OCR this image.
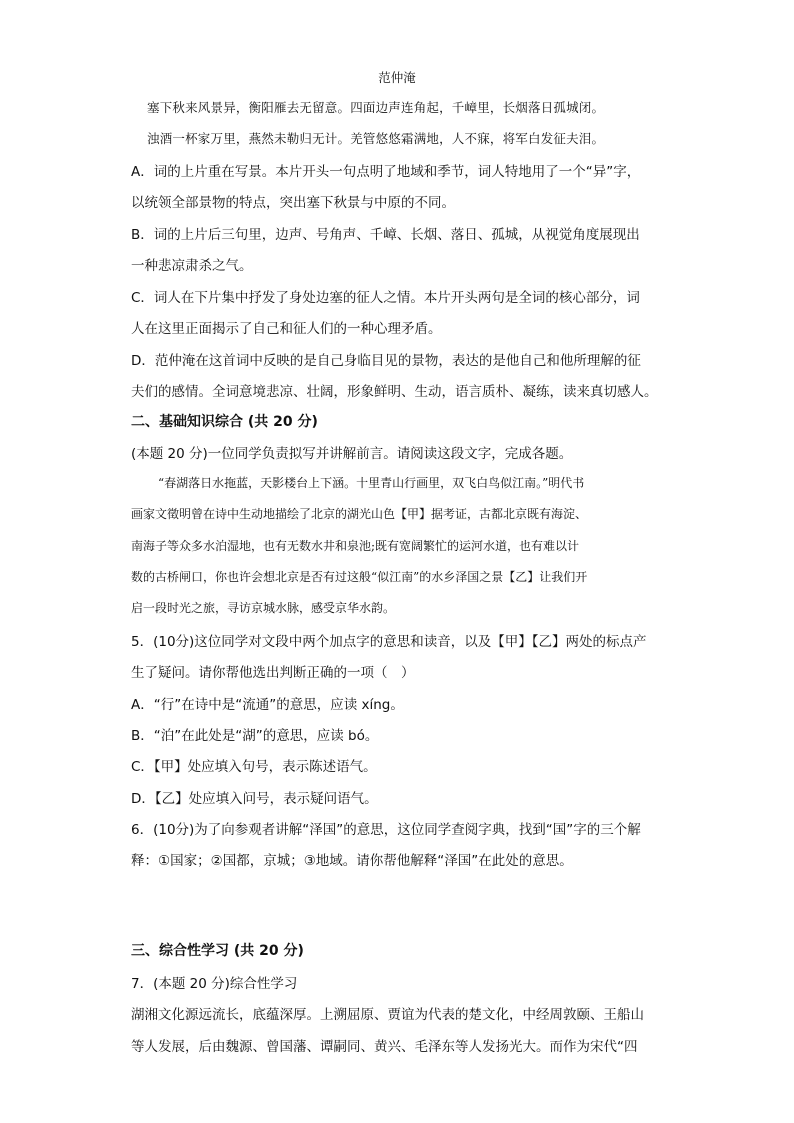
范仲淹
塞下秋来风景异，衡阳雁去无留意。四面边声连角起，千嶂里，长烟落日孤城闭。
浊酒一杯家万里，燕然未勒归无计。羌管悠悠霜满地，人不寐，将军白发征夫泪。
A．词的上片重在写景。本片开头一句点明了地域和季节，词人特地用了一个“异”字，
以统领全部景物的特点，突出塞下秋景与中原的不同。
B．词的上片后三句里，边声、号角声、千嶂、长烟、落日、孤城，从视觉角度展现出
一种悲凉肃杀之气。
C．词人在下片集中抒发了身处边塞的征人之情。本片开头两句是全词的核心部分，词
人在这里正面揭示了自己和征人们的一种心理矛盾。
D．范仲淹在这首词中反映的是自己身临目见的景物，表达的是他自己和他所理解的征
夫们的感情。全词意境悲凉、壮阔，形象鲜明、生动，语言质朴、凝练，读来真切感人。
二、基础知识综合 (共 20 分)
(本题 20 分)一位同学负责拟写并讲解前言。请阅读这段文字，完成各题。
“春湖落日水拖蓝，天影楼台上下涵。十里青山行画里，双飞白鸟似江南。”明代书
画家文徵明曾在诗中生动地描绘了北京的湖光山色【甲】据考证，古都北京既有海淀、
南海子等众多水泊湿地，也有无数水井和泉池;既有宽阔繁忙的运河水道，也有难以计
数的古桥闸口，你也许会想北京是否有过这般“似江南”的水乡泽国之景【乙】让我们开
启一段时光之旅，寻访京城水脉，感受京华水韵。
5．(10分)这位同学对文段中两个加点字的意思和读音，以及【甲】【乙】两处的标点产
生了疑问。请你帮他选出判断正确的一项（　）
A．“行”在诗中是“流通”的意思，应读 xíng。
B．“泊”在此处是“湖”的意思，应读 bó。
C．【甲】处应填入句号，表示陈述语气。
D．【乙】处应填入问号，表示疑问语气。
6．(10分)为了向参观者讲解“泽国”的意思，这位同学查阅字典，找到“国”字的三个解
释：①国家；②国都，京城；③地域。请你帮他解释“泽国”在此处的意思。
三、综合性学习 (共 20 分)
7．(本题 20 分)综合性学习
湖湘文化源远流长，底蕴深厚。上溯屈原、贾谊为代表的楚文化，中经周敦颐、王船山
等人发展，后由魏源、曾国藩、谭嗣同、黄兴、毛泽东等人发扬光大。而作为宋代“四
